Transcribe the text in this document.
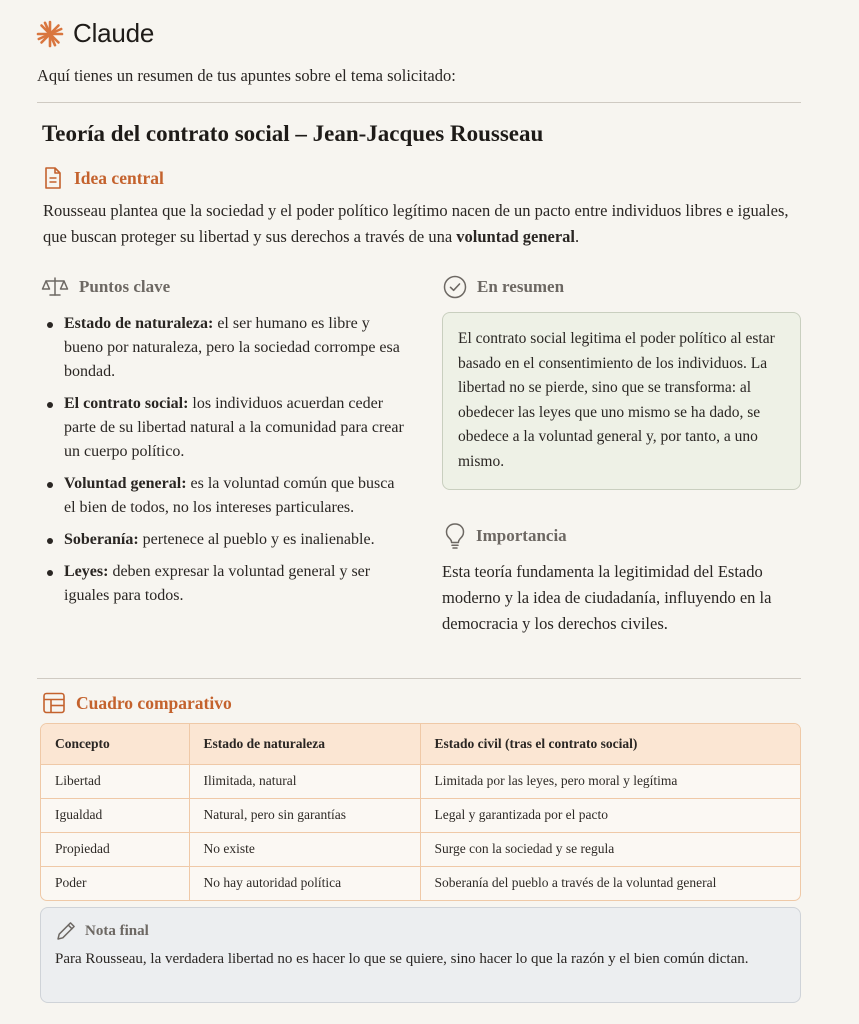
Claude
Aquí tienes un resumen de tus apuntes sobre el tema solicitado:
Teoría del contrato social – Jean-Jacques Rousseau
Idea central
Rousseau plantea que la sociedad y el poder político legítimo nacen de un pacto entre individuos libres e iguales, que buscan proteger su libertad y sus derechos a través de una voluntad general.
Puntos clave
Estado de naturaleza: el ser humano es libre y bueno por naturaleza, pero la sociedad corrompe esa bondad.
El contrato social: los individuos acuerdan ceder parte de su libertad natural a la comunidad para crear un cuerpo político.
Voluntad general: es la voluntad común que busca el bien de todos, no los intereses particulares.
Soberanía: pertenece al pueblo y es inalienable.
Leyes: deben expresar la voluntad general y ser iguales para todos.
En resumen
El contrato social legitima el poder político al estar basado en el consentimiento de los individuos. La libertad no se pierde, sino que se transforma: al obedecer las leyes que uno mismo se ha dado, se obedece a la voluntad general y, por tanto, a uno mismo.
Importancia
Esta teoría fundamenta la legitimidad del Estado moderno y la idea de ciudadanía, influyendo en la democracia y los derechos civiles.
Cuadro comparativo
Concepto	Estado de naturaleza	Estado civil (tras el contrato social)
Libertad	Ilimitada, natural	Limitada por las leyes, pero moral y legítima
Igualdad	Natural, pero sin garantías	Legal y garantizada por el pacto
Propiedad	No existe	Surge con la sociedad y se regula
Poder	No hay autoridad política	Soberanía del pueblo a través de la voluntad general
Nota final
Para Rousseau, la verdadera libertad no es hacer lo que se quiere, sino hacer lo que la razón y el bien común dictan.
